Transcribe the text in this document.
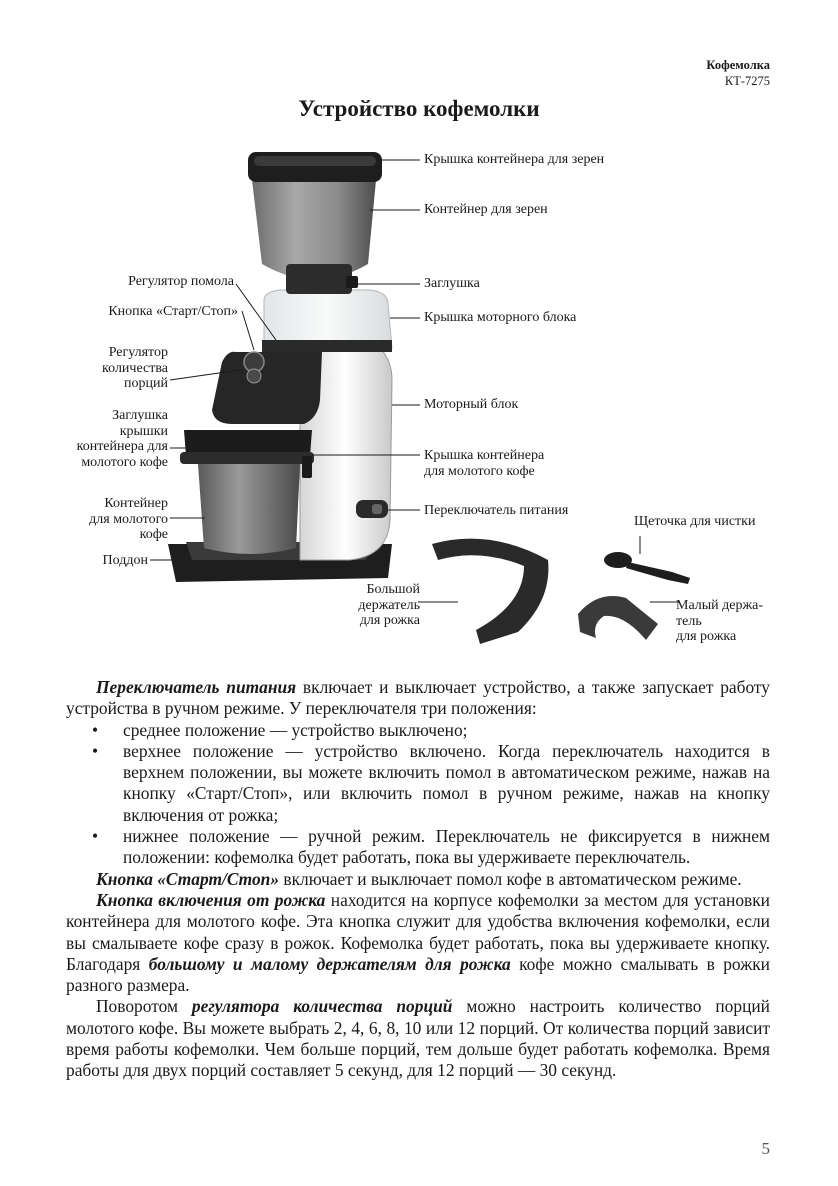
Кофемолка
КТ-7275
Устройство кофемолки
Крышка контейнера для зерен
Контейнер для зерен
Заглушка
Крышка моторного блока
Моторный блок
Крышка контейнера
для молотого кофе
Переключатель питания
Щеточка для чистки
Регулятор помола
Кнопка «Старт/Стоп»
Регулятор
количества
порций
Заглушка
крышки
контейнера для
молотого кофе
Контейнер
для молотого
кофе
Поддон
Большой
держатель
для рожка
Малый держа-
тель
для рожка

Переключатель питания включает и выключает устройство, а также запускает работу устройства в ручном режиме. У переключателя три положения:

• среднее положение — устройство выключено;
• верхнее положение — устройство включено. Когда переключатель находится в верхнем положении, вы можете включить помол в автоматическом режиме, нажав на кнопку «Старт/Стоп», или включить помол в ручном режиме, нажав на кнопку включения от рожка;
• нижнее положение — ручной режим. Переключатель не фиксируется в нижнем положении: кофемолка будет работать, пока вы удерживаете переключатель.

Кнопка «Старт/Стоп» включает и выключает помол кофе в автоматическом режиме.

Кнопка включения от рожка находится на корпусе кофемолки за местом для установки контейнера для молотого кофе. Эта кнопка служит для удобства включения кофемолки, если вы смалываете кофе сразу в рожок. Кофемолка будет работать, пока вы удерживаете кнопку. Благодаря большому и малому держателям для рожка кофе можно смалывать в рожки разного размера.

Поворотом регулятора количества порций можно настроить количество порций молотого кофе. Вы можете выбрать 2, 4, 6, 8, 10 или 12 порций. От количества порций зависит время работы кофемолки. Чем больше порций, тем дольше будет работать кофемолка. Время работы для двух порций составляет 5 секунд, для 12 порций — 30 секунд.

5
